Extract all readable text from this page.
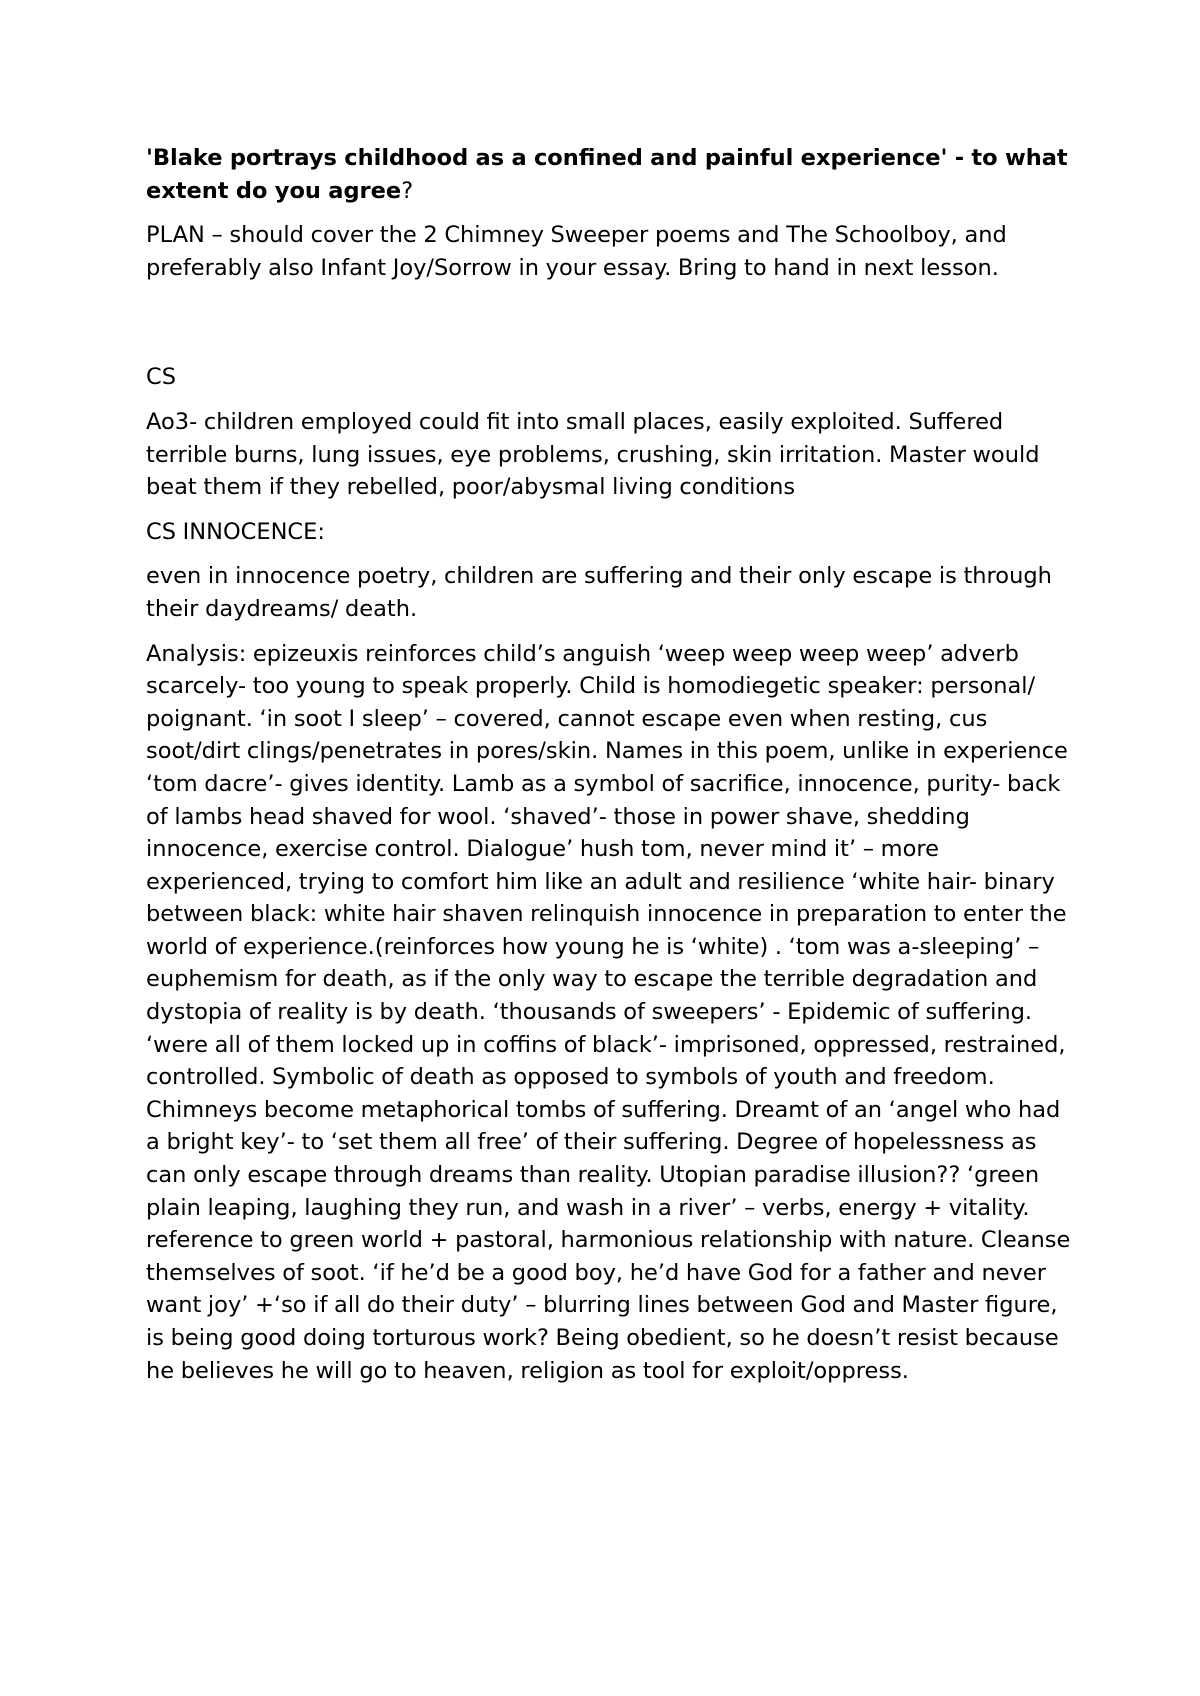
'Blake portrays childhood as a confined and painful experience' - to what extent do you agree?

PLAN – should cover the 2 Chimney Sweeper poems and The Schoolboy, and preferably also Infant Joy/Sorrow in your essay. Bring to hand in next lesson.

CS

Ao3- children employed could fit into small places, easily exploited. Suffered terrible burns, lung issues, eye problems, crushing, skin irritation. Master would beat them if they rebelled, poor/abysmal living conditions

CS INNOCENCE:

even in innocence poetry, children are suffering and their only escape is through their daydreams/ death.

Analysis: epizeuxis reinforces child’s anguish ‘weep weep weep weep’ adverb scarcely- too young to speak properly. Child is homodiegetic speaker: personal/ poignant. ‘in soot I sleep’ – covered, cannot escape even when resting, cus soot/dirt clings/penetrates in pores/skin. Names in this poem, unlike in experience ‘tom dacre’- gives identity. Lamb as a symbol of sacrifice, innocence, purity- back of lambs head shaved for wool. ‘shaved’- those in power shave, shedding innocence, exercise control. Dialogue’ hush tom, never mind it’ – more experienced, trying to comfort him like an adult and resilience ‘white hair- binary between black: white hair shaven relinquish innocence in preparation to enter the world of experience.(reinforces how young he is ‘white) . ‘tom was a-sleeping’ – euphemism for death, as if the only way to escape the terrible degradation and dystopia of reality is by death. ‘thousands of sweepers’ - Epidemic of suffering. ‘were all of them locked up in coffins of black’- imprisoned, oppressed, restrained, controlled. Symbolic of death as opposed to symbols of youth and freedom. Chimneys become metaphorical tombs of suffering. Dreamt of an ‘angel who had a bright key’- to ‘set them all free’ of their suffering. Degree of hopelessness as can only escape through dreams than reality. Utopian paradise illusion?? ‘green plain leaping, laughing they run, and wash in a river’ – verbs, energy + vitality. reference to green world + pastoral, harmonious relationship with nature. Cleanse themselves of soot. ‘if he’d be a good boy, he’d have God for a father and never want joy’ +‘so if all do their duty’ – blurring lines between God and Master figure, is being good doing torturous work? Being obedient, so he doesn’t resist because he believes he will go to heaven, religion as tool for exploit/oppress.
